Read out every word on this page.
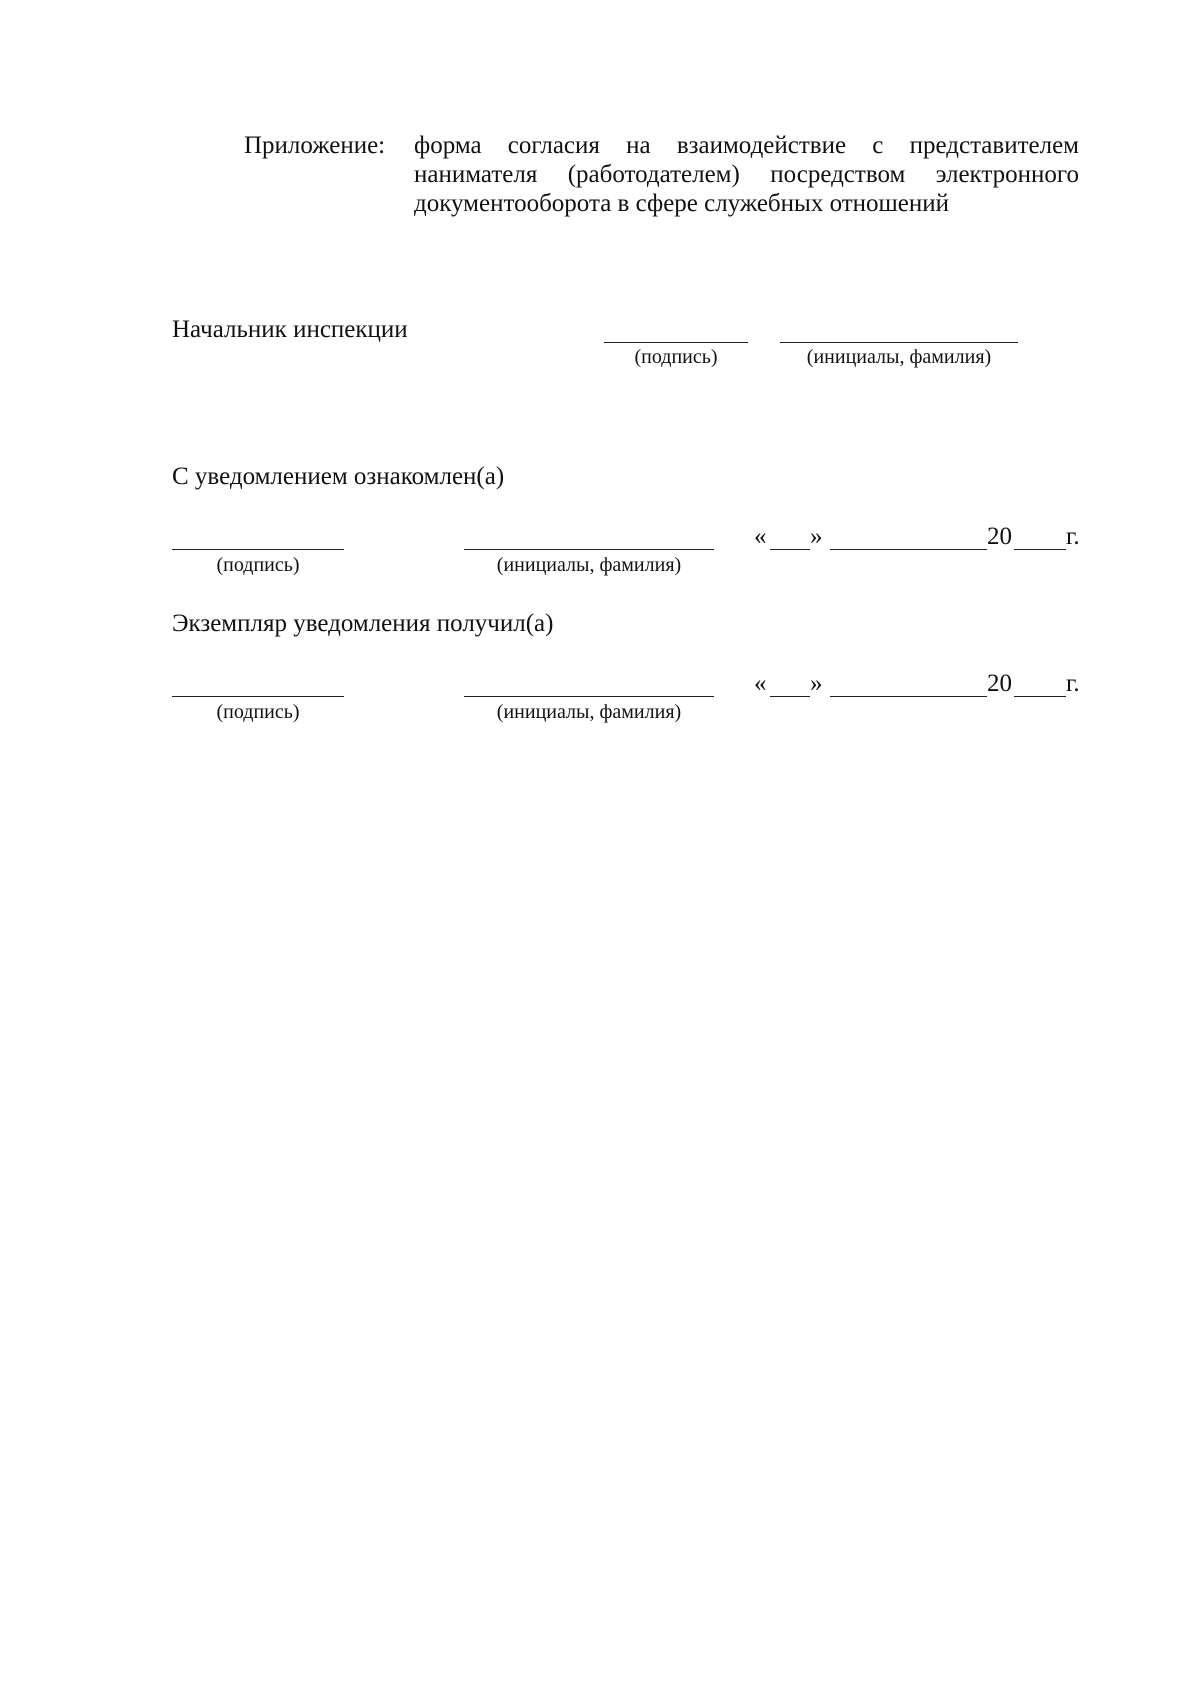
Приложение: форма согласия на взаимодействие с представителем
нанимателя (работодателем) посредством электронного
документооборота в сфере служебных отношений
Начальник инспекции
(подпись)	(инициалы, фамилия)
С уведомлением ознакомлен(а)
(подпись)	(инициалы, фамилия)
« »	20 г.
Экземпляр уведомления получил(а)
(подпись)	(инициалы, фамилия)
« »	20 г.
